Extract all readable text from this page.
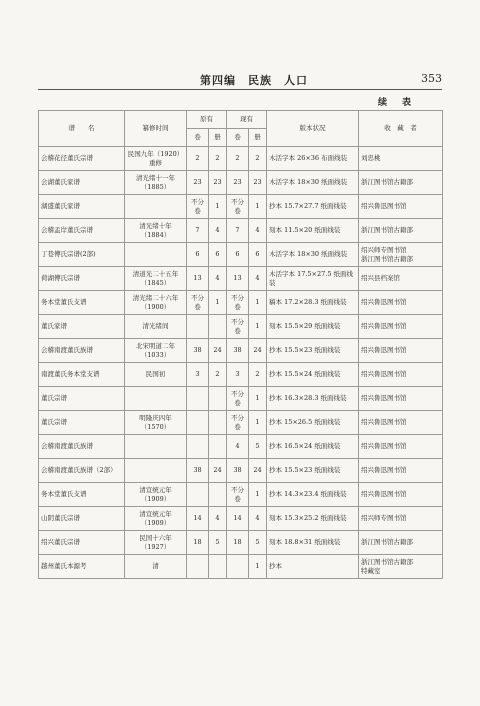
第四编　民族　人口	353
续　表
谱　　名	纂修时间	原有		现有		版本状况	收　藏　者
		卷	册	卷	册		
会稽花径董氏宗谱	民国九年（1920）重修	2	2	2	2	木活字本 26×36 布面线装	刘忠桃
会湖董氏家谱	清光绪十一年（1885）	23	23	23	23	木活字本 18×30 纸面线装	浙江图书馆古籍部
湖盛董氏家谱		不分卷	1	不分卷	1	抄本 15.7×27.7 纸面线装	绍兴鲁迅图书馆
会稽孟岸董氏宗谱	清光绪十年（1884）	7	4	7	4	刻本 11.5×20 纸面线装	浙江图书馆古籍部
丁巷傅氏宗谱(2部)		6	6	6	6	木活字本 18×30 纸面线装	绍兴师专图书馆
浙江图书馆古籍部
荷湖傅氏宗谱	清道光二十五年（1845）	13	4	13	4	木活字本 17.5×27.5 纸面线装	绍兴县档案馆
务本堂董氏支谱	清光绪二十六年（1900）	不分卷	1	不分卷	1	稿本 17.2×28.3 纸面线装	绍兴鲁迅图书馆
董氏家谱	清光绪间			不分卷	1	刻本 15.5×29 纸面线装	绍兴鲁迅图书馆
会稽南渡董氏族谱	北宋明道二年（1033）	38	24	38	24	抄本 15.5×23 纸面线装	绍兴鲁迅图书馆
南渡董氏务本堂支谱	民国初	3	2	3	2	抄本 15.5×24 纸面线装	绍兴鲁迅图书馆
董氏宗谱				不分卷	1	抄本 16.3×28.3 纸面线装	绍兴鲁迅图书馆
董氏宗谱	明隆庆四年（1570）			不分卷	1	抄本 15×26.5 纸面线装	绍兴鲁迅图书馆
会稽南渡董氏族谱				4	5	抄本 16.5×24 纸面线装	绍兴鲁迅图书馆
会稽南渡董氏族谱（2部）		38	24	38	24	抄本 15.5×23 纸面线装	绍兴鲁迅图书馆
务本堂董氏支谱	清宣统元年（1909）			不分卷	1	抄本 14.3×23.4 纸面线装	绍兴鲁迅图书馆
山阴董氏宗谱	清宣统元年（1909）	14	4	14	4	刻本 15.3×25.2 纸面线装	绍兴师专图书馆
绍兴董氏宗谱	民国十六年（1927）	18	5	18	5	刻本 18.8×31 纸面线装	浙江图书馆古籍部
越州董氏本源考	清				1	抄本	浙江图书馆古籍部
特藏室
